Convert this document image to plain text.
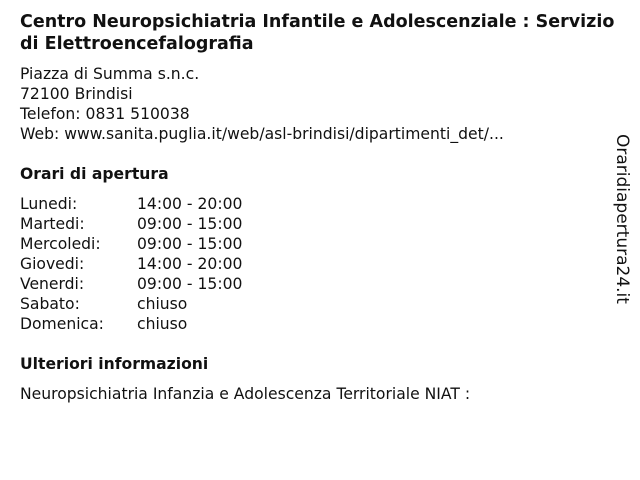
Centro Neuropsichiatria Infantile e Adolescenziale : Servizio di Elettroencefalografia
Piazza di Summa s.n.c.
72100 Brindisi
Telefon: 0831 510038
Web: www.sanita.puglia.it/web/asl-brindisi/dipartimenti_det/...
Orari di apertura
Lunedi:	14:00 - 20:00
Martedi:	09:00 - 15:00
Mercoledi:	09:00 - 15:00
Giovedi:	14:00 - 20:00
Venerdi:	09:00 - 15:00
Sabato:	chiuso
Domenica:	chiuso
Ulteriori informazioni
Neuropsichiatria Infanzia e Adolescenza Territoriale NIAT :
Oraridiapertura24.it
